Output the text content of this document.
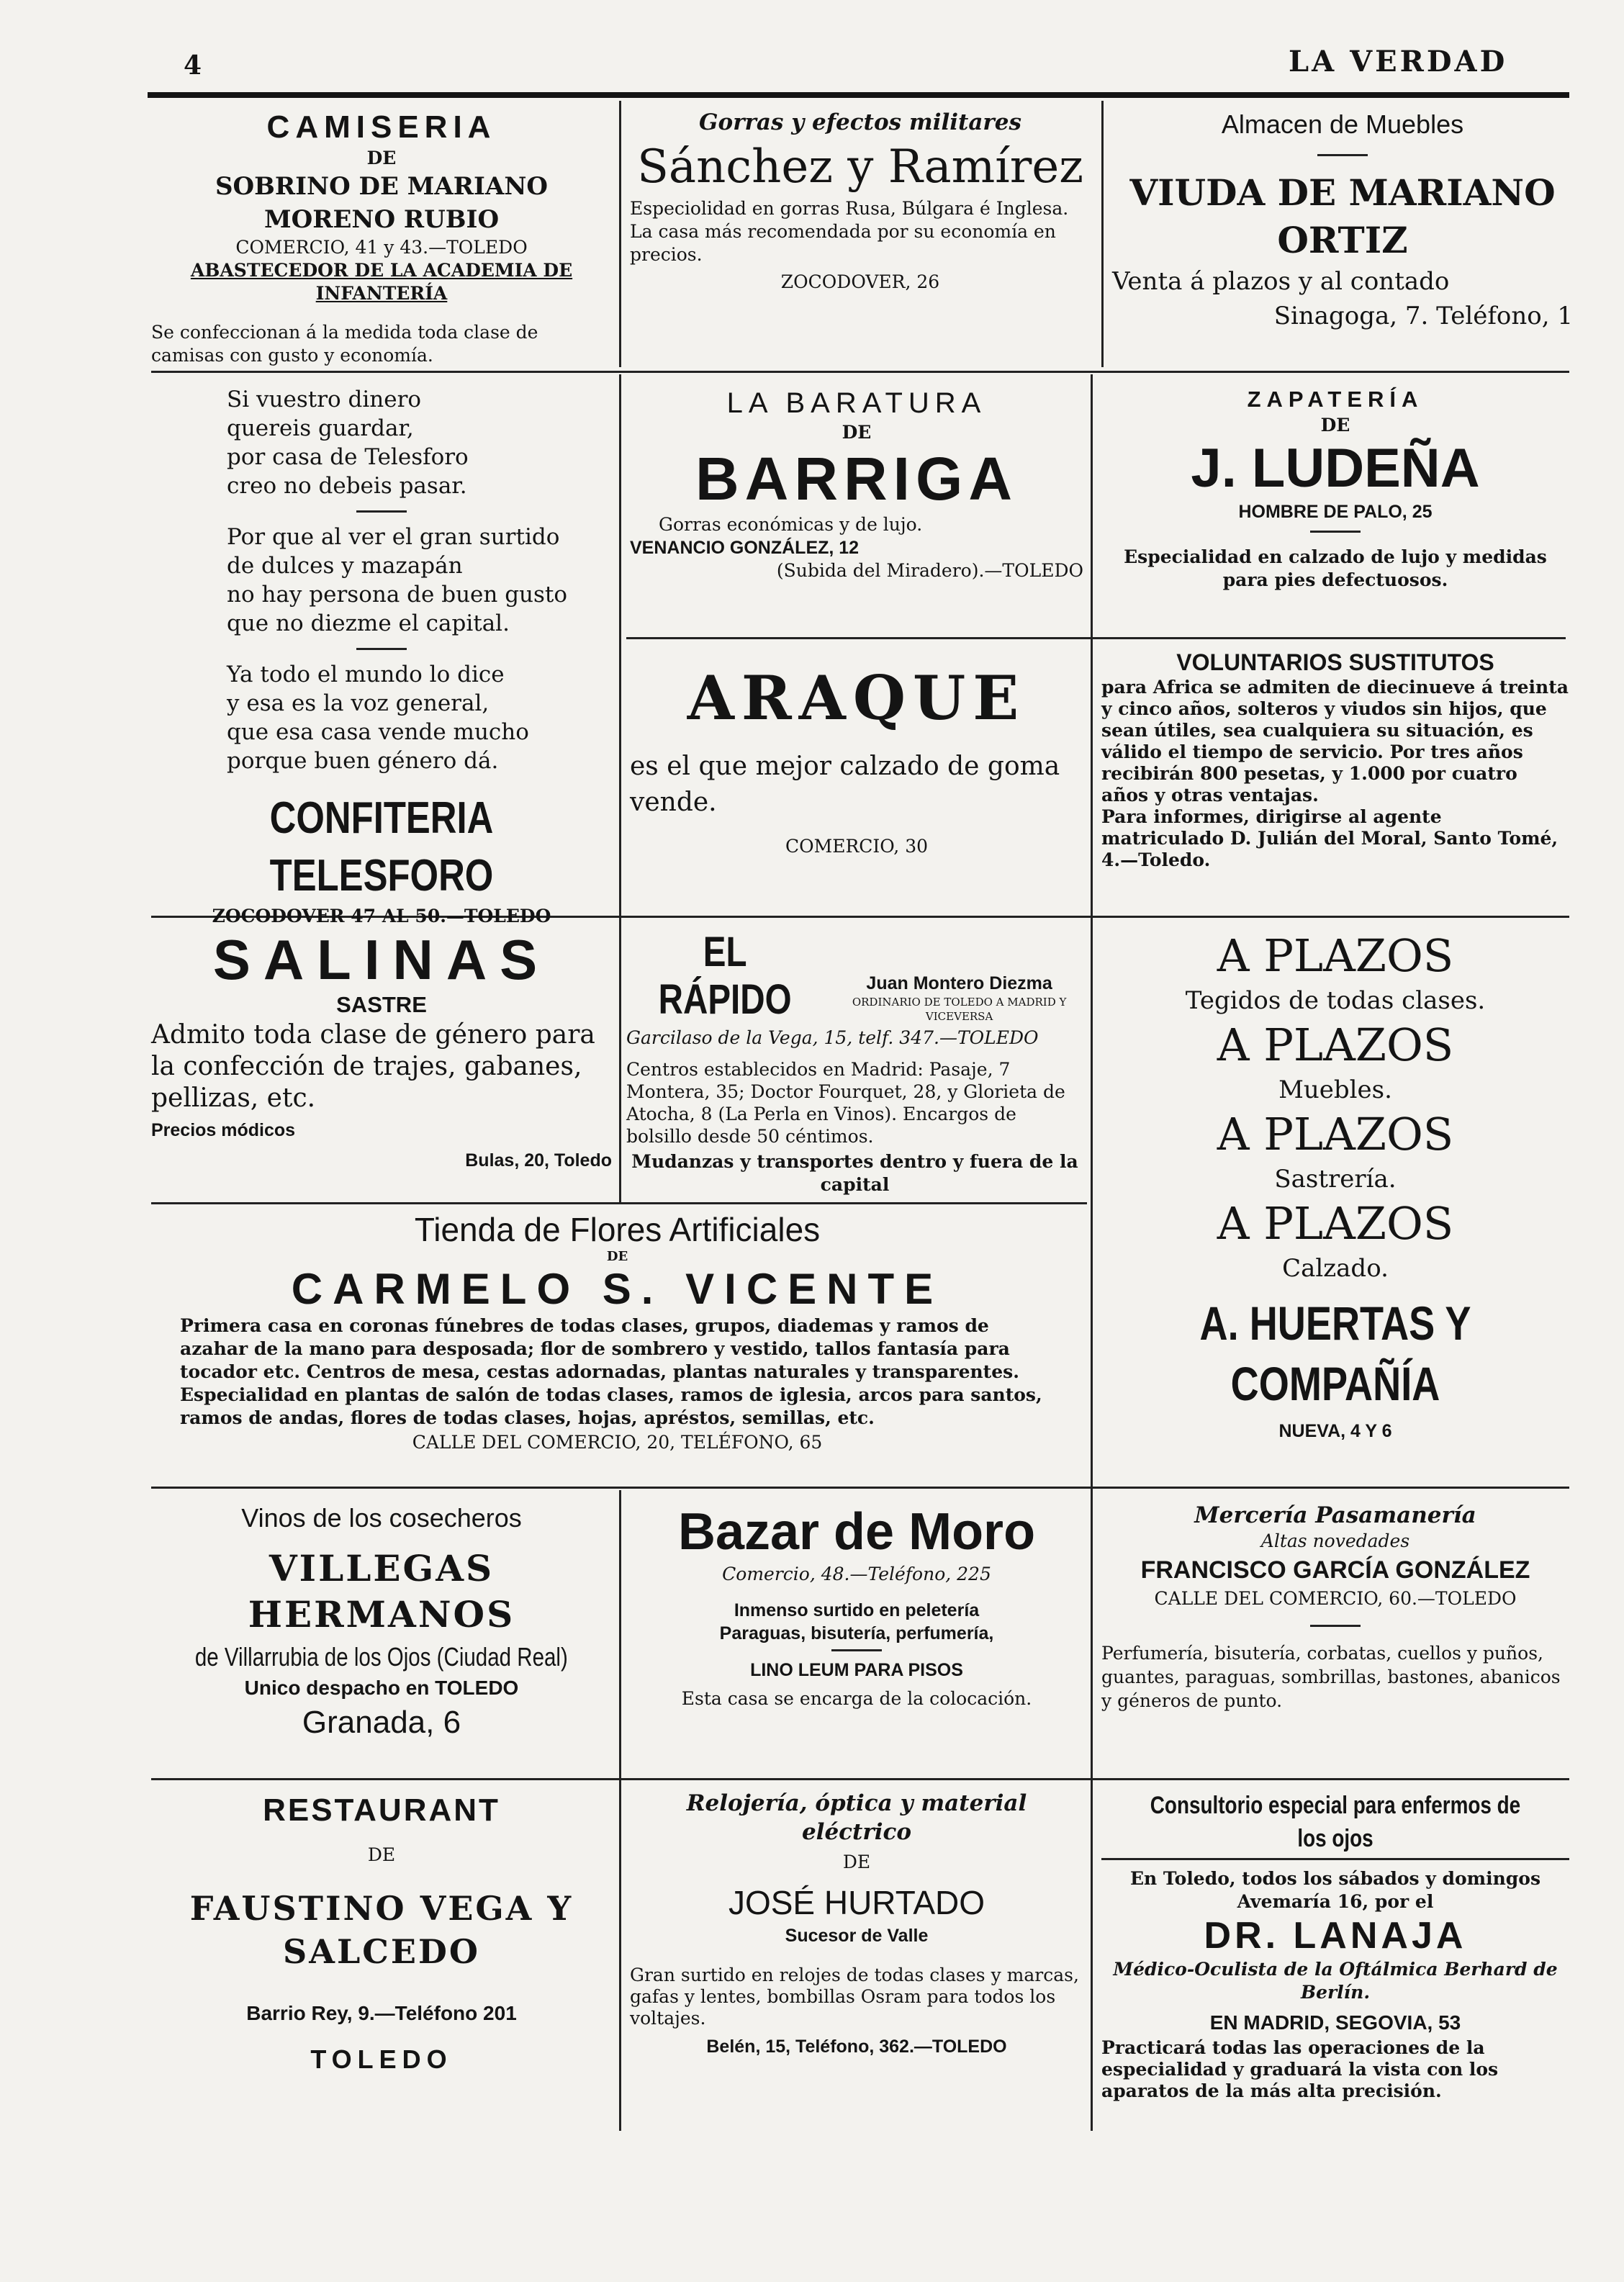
4	LA VERDAD

CAMISERIA

DE

SOBRINO DE MARIANO MORENO RUBIO

COMERCIO, 41 y 43.—TOLEDO

ABASTECEDOR DE LA ACADEMIA DE INFANTERÍA

Se confeccionan á la medida toda clase de camisas con gusto y economía.

Gorras y efectos militares

Sánchez y Ramírez

Especiolidad en gorras Rusa, Búlgara é Inglesa.

La casa más recomendada por su economía en precios.

ZOCODOVER, 26

Almacen de Muebles

VIUDA DE MARIANO ORTIZ

Venta á plazos y al contado

Sinagoga, 7. Teléfono, 1

Si vuestro dinero

quereis guardar,

por casa de Telesforo

creo no debeis pasar.

Por que al ver el gran surtido

de dulces y mazapán

no hay persona de buen gusto

que no diezme el capital.

Ya todo el mundo lo dice

y esa es la voz general,

que esa casa vende mucho

porque buen género dá.

CONFITERIA TELESFORO

ZOCODOVER 47 AL 50.—TOLEDO

LA BARATURA

DE

BARRIGA

Gorras económicas y de lujo.

VENANCIO GONZÁLEZ, 12

(Subida del Miradero).—TOLEDO

ZAPATERÍA

DE

J. LUDEÑA

HOMBRE DE PALO, 25

Especialidad en calzado de lujo y medidas para pies defectuosos.

ARAQUE

es el que mejor calzado de goma vende.

COMERCIO, 30

VOLUNTARIOS SUSTITUTOS

para Africa se admiten de diecinueve á treinta y cinco años, solteros y viudos sin hijos, que sean útiles, sea cualquiera su situación, es válido el tiempo de servicio. Por tres años recibirán 800 pesetas, y 1.000 por cuatro años y otras ventajas.

Para informes, dirigirse al agente matriculado D. Julián del Moral, Santo Tomé, 4.—Toledo.

SALINAS

SASTRE

Admito toda clase de género para la confección de trajes, gabanes, pellizas, etc.

Precios módicos

Bulas, 20, Toledo

EL RÁPIDO	Juan Montero Diezma

ORDINARIO DE TOLEDO A MADRID Y VICEVERSA

Garcilaso de la Vega, 15, telf. 347.—TOLEDO

Centros establecidos en Madrid: Pasaje, 7 Montera, 35; Doctor Fourquet, 28, y Glorieta de Atocha, 8 (La Perla en Vinos). Encargos de bolsillo desde 50 céntimos.

Mudanzas y transportes dentro y fuera de la capital

A PLAZOS

Tegidos de todas clases.

A PLAZOS

Muebles.

A PLAZOS

Sastrería.

A PLAZOS

Calzado.

A. HUERTAS Y COMPAÑÍA

NUEVA, 4 Y 6

Tienda de Flores Artificiales

DE

CARMELO S. VICENTE

Primera casa en coronas fúnebres de todas clases, grupos, diademas y ramos de azahar de la mano para desposada; flor de sombrero y vestido, tallos fantasía para tocador etc. Centros de mesa, cestas adornadas, plantas naturales y transparentes.

Especialidad en plantas de salón de todas clases, ramos de iglesia, arcos para santos, ramos de andas, flores de todas clases, hojas, apréstos, semillas, etc.

CALLE DEL COMERCIO, 20, TELÉFONO, 65

Vinos de los cosecheros

VILLEGAS HERMANOS

de Villarrubia de los Ojos (Ciudad Real)

Unico despacho en TOLEDO

Granada, 6

Bazar de Moro

Comercio, 48.—Teléfono, 225

Inmenso surtido en peletería

Paraguas, bisutería, perfumería,

LINO LEUM PARA PISOS

Esta casa se encarga de la colocación.

Mercería Pasamanería

Altas novedades

FRANCISCO GARCÍA GONZÁLEZ

CALLE DEL COMERCIO, 60.—TOLEDO

Perfumería, bisutería, corbatas, cuellos y puños, guantes, paraguas, sombrillas, bastones, abanicos y géneros de punto.

RESTAURANT

DE

FAUSTINO VEGA Y SALCEDO

Barrio Rey, 9.—Teléfono 201

TOLEDO

Relojería, óptica y material eléctrico

DE

JOSÉ HURTADO

Sucesor de Valle

Gran surtido en relojes de todas clases y marcas, gafas y lentes, bombillas Osram para todos los voltajes.

Belén, 15, Teléfono, 362.—TOLEDO

Consultorio especial para enfermos de los ojos

En Toledo, todos los sábados y domingos Avemaría 16, por el

DR. LANAJA

Médico-Oculista de la Oftálmica Berhard de Berlín.

EN MADRID, SEGOVIA, 53

Practicará todas las operaciones de la especialidad y graduará la vista con los aparatos de la más alta precisión.
